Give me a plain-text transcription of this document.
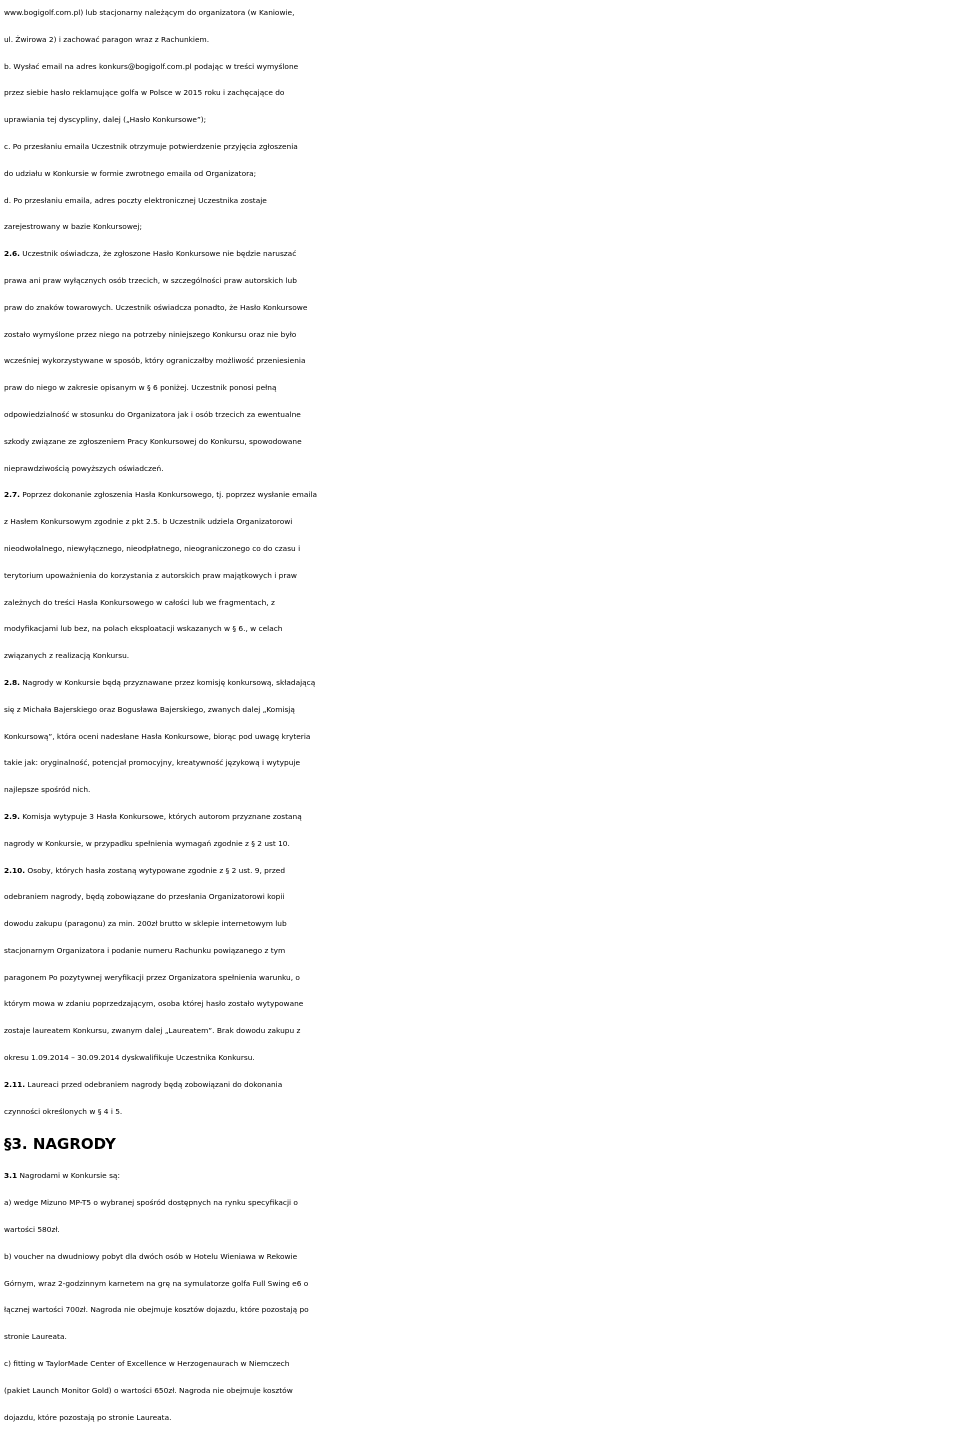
www.bogigolf.com.pl) lub stacjonarny należącym do organizatora (w Kaniowie,
ul. Żwirowa 2) i zachować paragon wraz z Rachunkiem.
b. Wysłać email na adres konkurs@bogigolf.com.pl podając w treści wymyślone
przez siebie hasło reklamujące golfa w Polsce w 2015 roku i zachęcające do
uprawiania tej dyscypliny, dalej („Hasło Konkursowe”);
c. Po przesłaniu emaila Uczestnik otrzymuje potwierdzenie przyjęcia zgłoszenia
do udziału w Konkursie w formie zwrotnego emaila od Organizatora;
d. Po przesłaniu emaila, adres poczty elektronicznej Uczestnika zostaje
zarejestrowany w bazie Konkursowej;
2.6. Uczestnik oświadcza, że zgłoszone Hasło Konkursowe nie będzie naruszać
prawa ani praw wyłącznych osób trzecich, w szczególności praw autorskich lub
praw do znaków towarowych. Uczestnik oświadcza ponadto, że Hasło Konkursowe
zostało wymyślone przez niego na potrzeby niniejszego Konkursu oraz nie było
wcześniej wykorzystywane w sposób, który ograniczałby możliwość przeniesienia
praw do niego w zakresie opisanym w § 6 poniżej. Uczestnik ponosi pełną
odpowiedzialność w stosunku do Organizatora jak i osób trzecich za ewentualne
szkody związane ze zgłoszeniem Pracy Konkursowej do Konkursu, spowodowane
nieprawdziwością powyższych oświadczeń.
2.7. Poprzez dokonanie zgłoszenia Hasła Konkursowego, tj. poprzez wysłanie emaila
z Hasłem Konkursowym zgodnie z pkt 2.5. b Uczestnik udziela Organizatorowi
nieodwołalnego, niewyłącznego, nieodpłatnego, nieograniczonego co do czasu i
terytorium upoważnienia do korzystania z autorskich praw majątkowych i praw
zależnych do treści Hasła Konkursowego w całości lub we fragmentach, z
modyfikacjami lub bez, na polach eksploatacji wskazanych w § 6., w celach
związanych z realizacją Konkursu.
2.8. Nagrody w Konkursie będą przyznawane przez komisję konkursową, składającą
się z Michała Bajerskiego oraz Bogusława Bajerskiego, zwanych dalej „Komisją
Konkursową”, która oceni nadesłane Hasła Konkursowe, biorąc pod uwagę kryteria
takie jak: oryginalność, potencjał promocyjny, kreatywność językową i wytypuje
najlepsze spośród nich.
2.9. Komisja wytypuje 3 Hasła Konkursowe, których autorom przyznane zostaną
nagrody w Konkursie, w przypadku spełnienia wymagań zgodnie z § 2 ust 10.
2.10. Osoby, których hasła zostaną wytypowane zgodnie z § 2 ust. 9, przed
odebraniem nagrody, będą zobowiązane do przesłania Organizatorowi kopii
dowodu zakupu (paragonu) za min. 200zł brutto w sklepie internetowym lub
stacjonarnym Organizatora i podanie numeru Rachunku powiązanego z tym
paragonem Po pozytywnej weryfikacji przez Organizatora spełnienia warunku, o
którym mowa w zdaniu poprzedzającym, osoba której hasło zostało wytypowane
zostaje laureatem Konkursu, zwanym dalej „Laureatem”. Brak dowodu zakupu z
okresu 1.09.2014 – 30.09.2014 dyskwalifikuje Uczestnika Konkursu.
2.11. Laureaci przed odebraniem nagrody będą zobowiązani do dokonania
czynności określonych w § 4 i 5.
§3. NAGRODY
3.1 Nagrodami w Konkursie są:
a) wedge Mizuno MP-T5 o wybranej spośród dostępnych na rynku specyfikacji o
wartości 580zł.
b) voucher na dwudniowy pobyt dla dwóch osób w Hotelu Wieniawa w Rekowie
Górnym, wraz 2-godzinnym karnetem na grę na symulatorze golfa Full Swing e6 o
łącznej wartości 700zł. Nagroda nie obejmuje kosztów dojazdu, które pozostają po
stronie Laureata.
c) fitting w TaylorMade Center of Excellence w Herzogenaurach w Niemczech
(pakiet Launch Monitor Gold) o wartości 650zł. Nagroda nie obejmuje kosztów
dojazdu, które pozostają po stronie Laureata.
